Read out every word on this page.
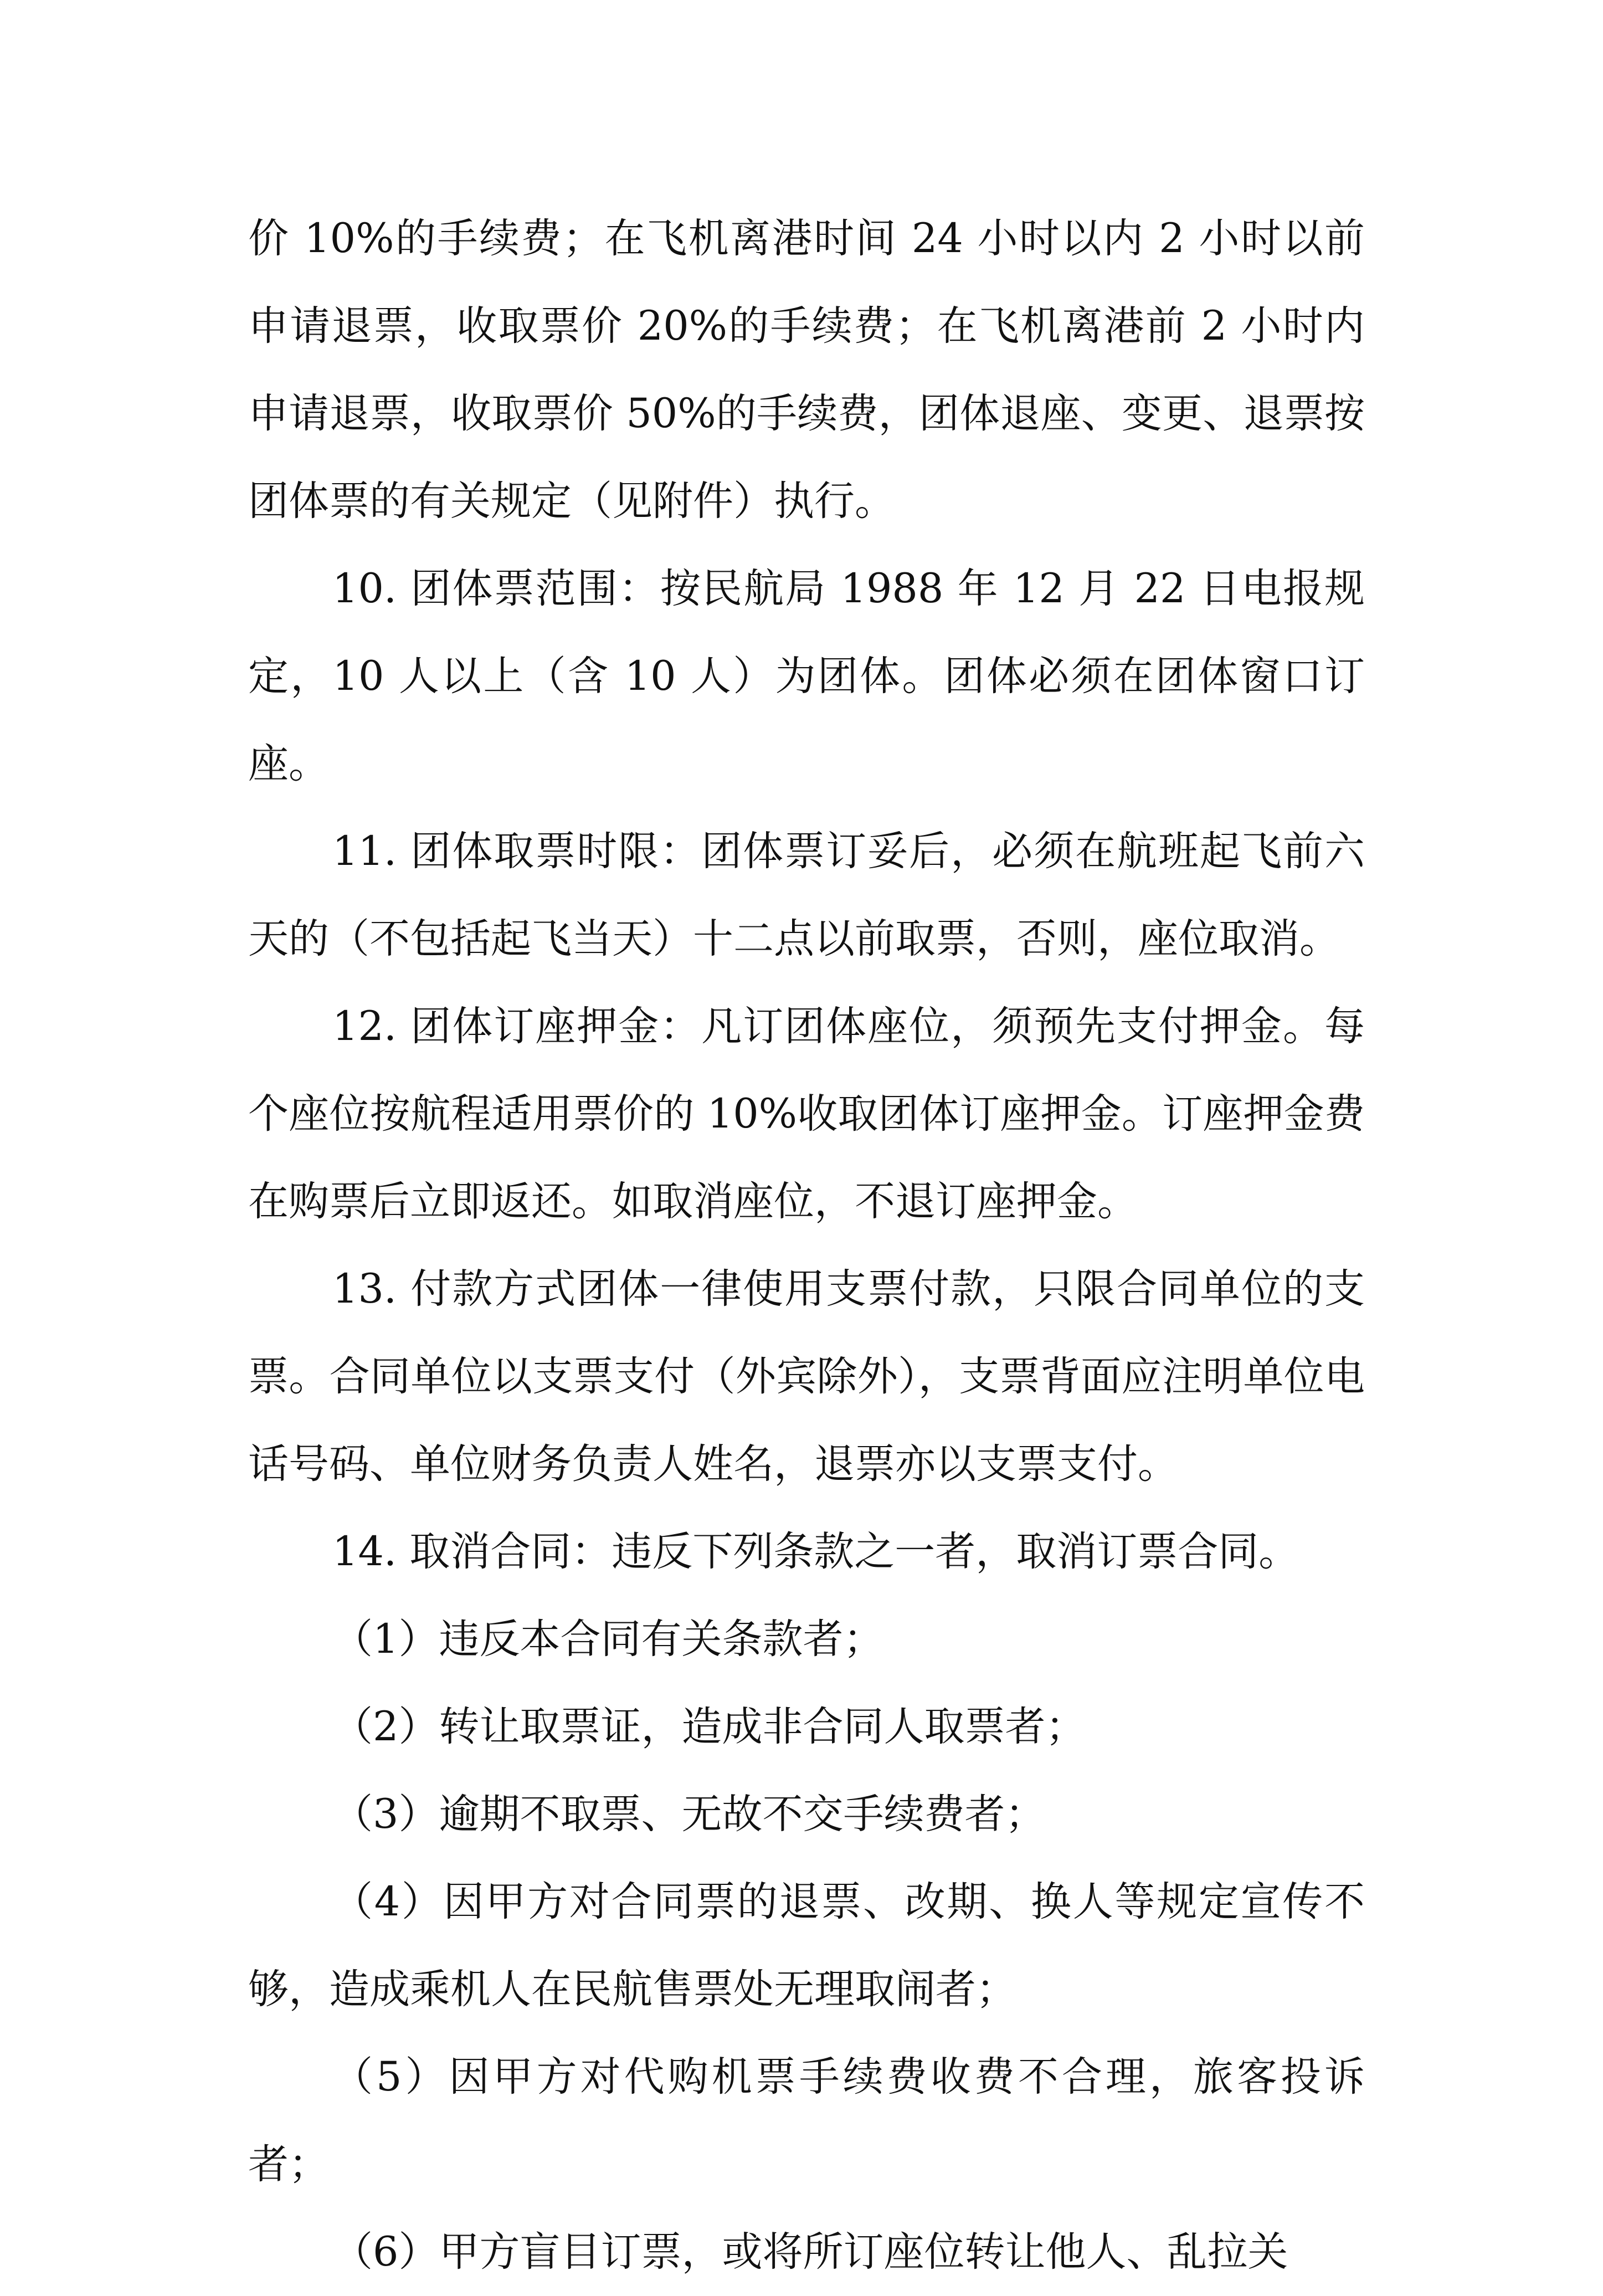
价 10%的手续费；在飞机离港时间 24 小时以内 2 小时以前申请退票，收取票价 20%的手续费；在飞机离港前 2 小时内申请退票，收取票价 50%的手续费，团体退座、变更、退票按团体票的有关规定（见附件）执行。

10. 团体票范围：按民航局 1988 年 12 月 22 日电报规定，10 人以上（含 10 人）为团体。团体必须在团体窗口订座。

11. 团体取票时限：团体票订妥后，必须在航班起飞前六天的（不包括起飞当天）十二点以前取票，否则，座位取消。

12. 团体订座押金：凡订团体座位，须预先支付押金。每个座位按航程适用票价的 10%收取团体订座押金。订座押金费在购票后立即返还。如取消座位，不退订座押金。

13. 付款方式团体一律使用支票付款，只限合同单位的支票。合同单位以支票支付（外宾除外），支票背面应注明单位电话号码、单位财务负责人姓名，退票亦以支票支付。

14. 取消合同：违反下列条款之一者，取消订票合同。

（1）违反本合同有关条款者；

（2）转让取票证，造成非合同人取票者；

（3）逾期不取票、无故不交手续费者；

（4）因甲方对合同票的退票、改期、换人等规定宣传不够，造成乘机人在民航售票处无理取闹者；

（5）因甲方对代购机票手续费收费不合理，旅客投诉者；

（6）甲方盲目订票，或将所订座位转让他人、乱拉关
